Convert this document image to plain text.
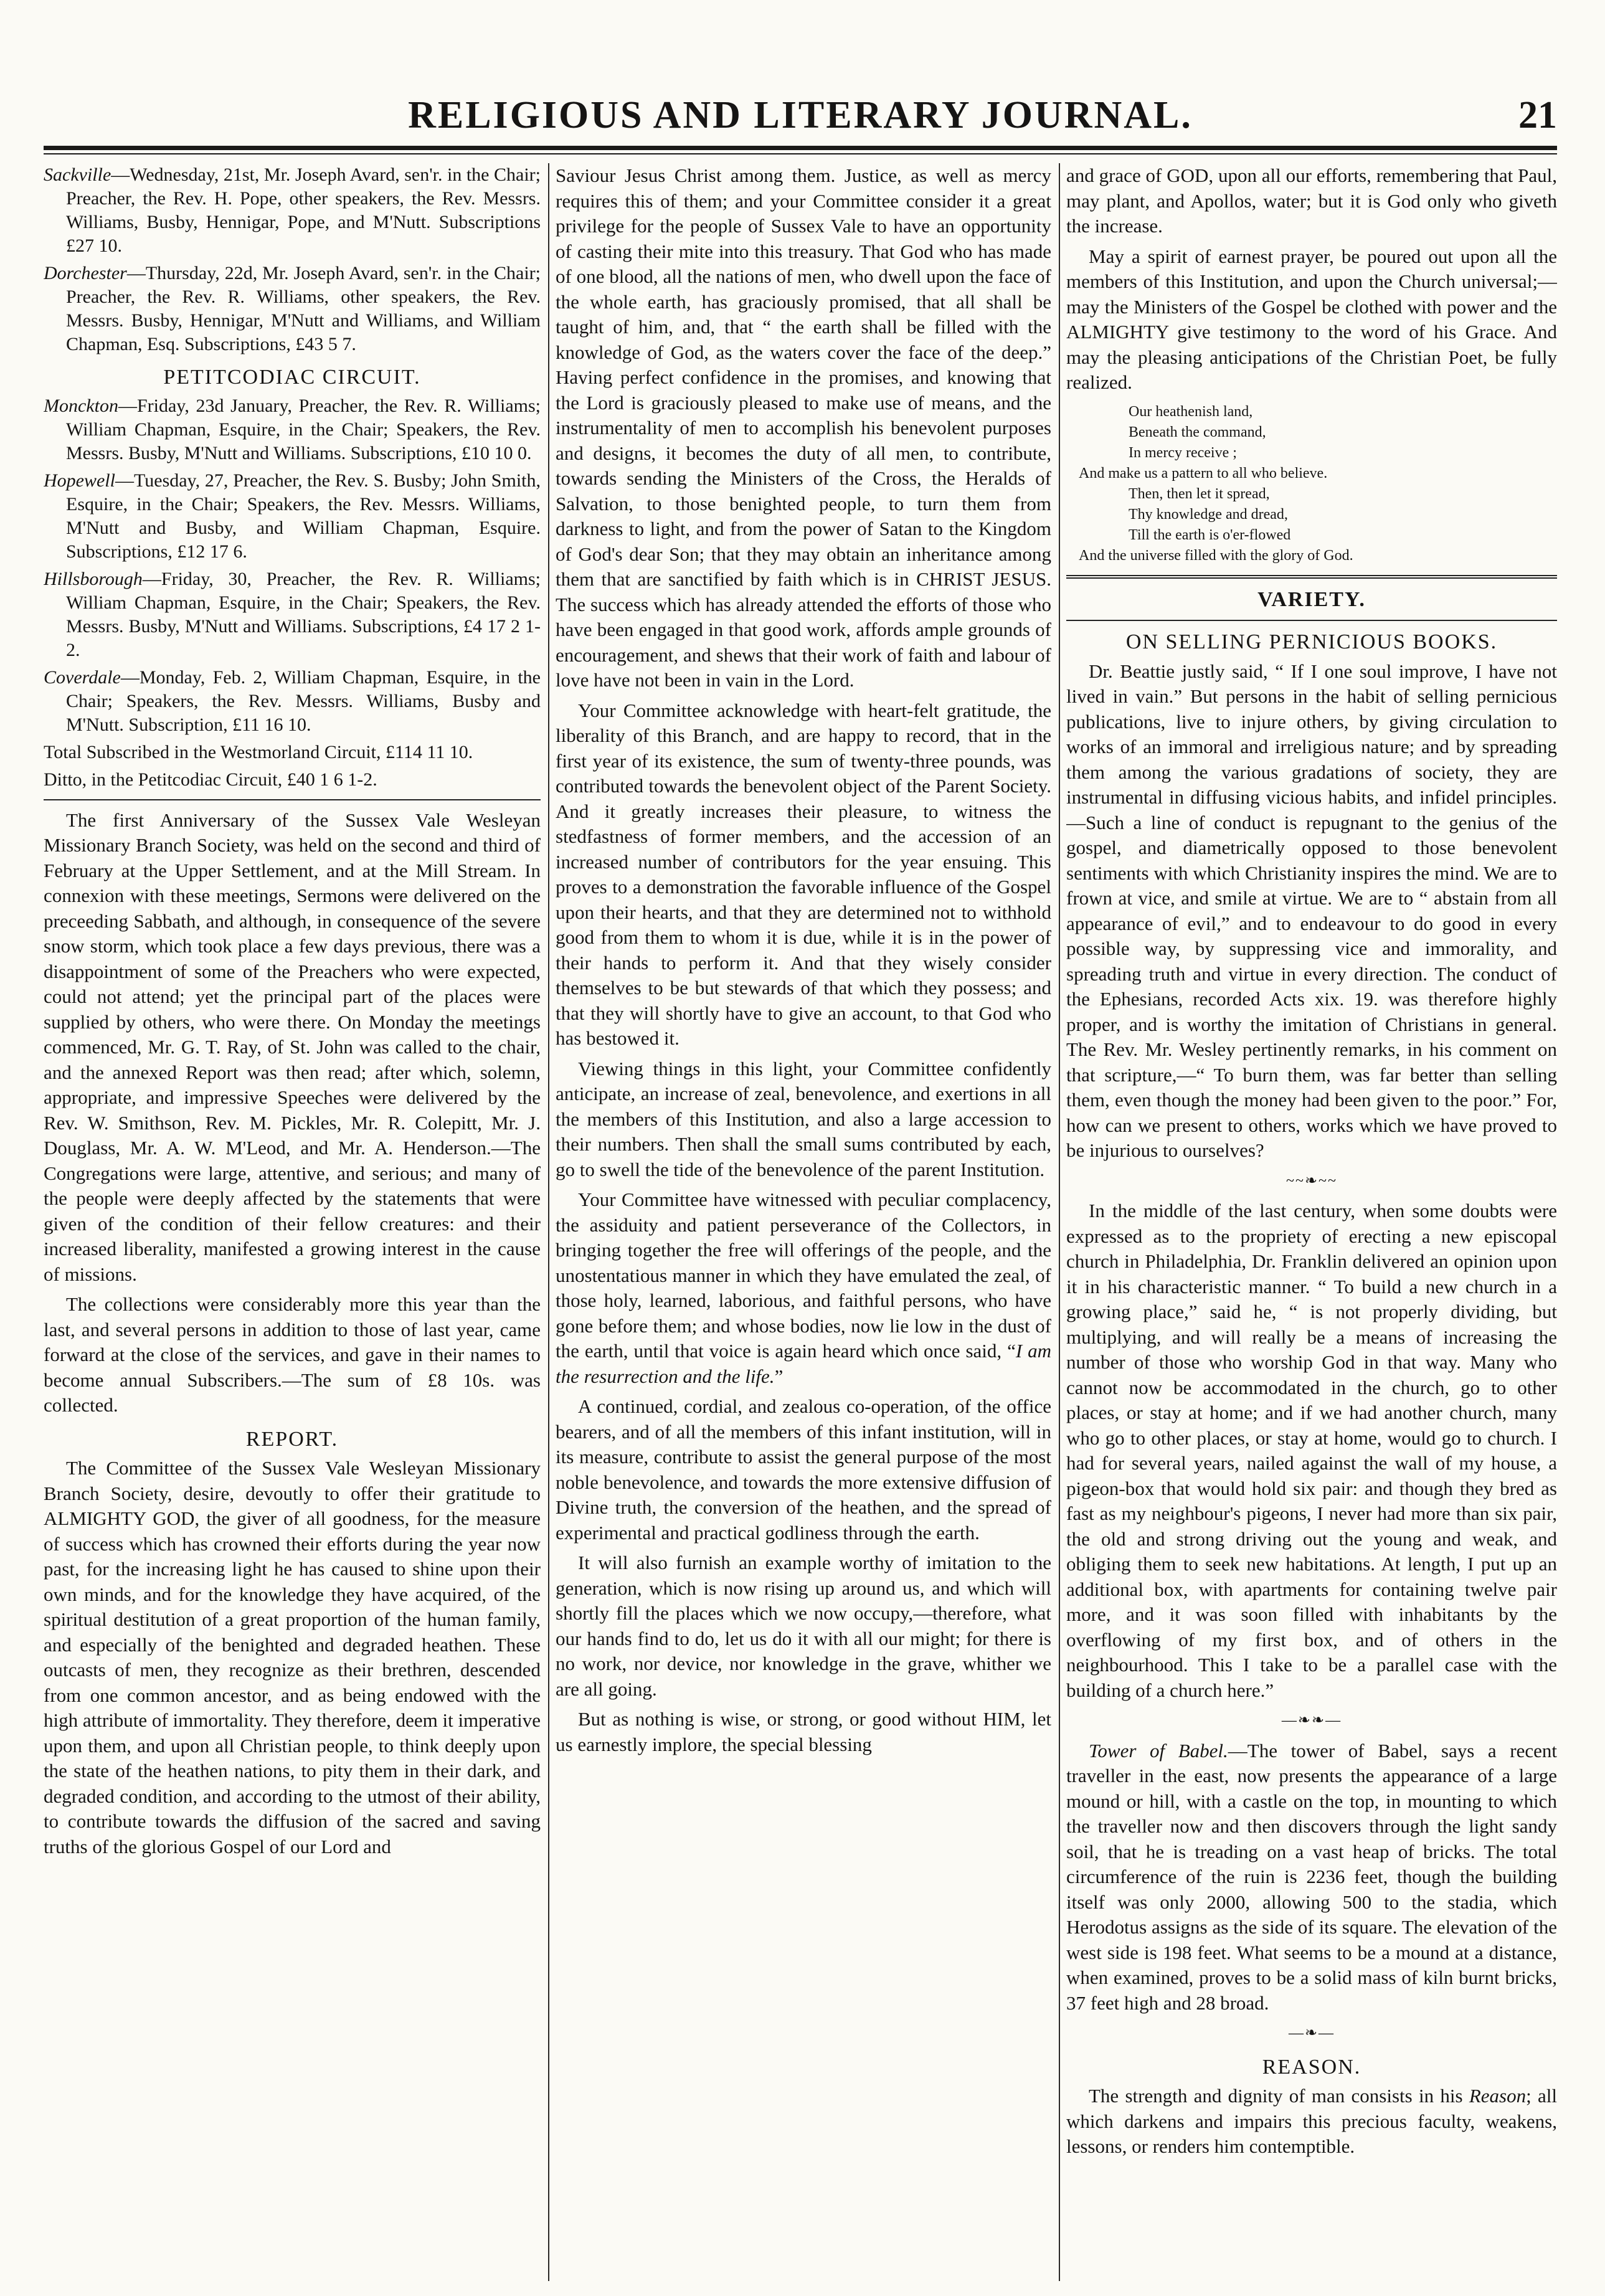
RELIGIOUS AND LITERARY JOURNAL.	21

Sackville—Wednesday, 21st, Mr. Joseph Avard, sen'r. in the Chair; Preacher, the Rev. H. Pope, other speakers, the Rev. Messrs. Williams, Busby, Hennigar, Pope, and M'Nutt. Subscriptions £27 10.

Dorchester—Thursday, 22d, Mr. Joseph Avard, sen'r. in the Chair; Preacher, the Rev. R. Williams, other speakers, the Rev. Messrs. Busby, Hennigar, M'Nutt and Williams, and William Chapman, Esq. Subscriptions, £43 5 7.

PETITCODIAC CIRCUIT.

Monckton—Friday, 23d January, Preacher, the Rev. R. Williams; William Chapman, Esquire, in the Chair; Speakers, the Rev. Messrs. Busby, M'Nutt and Williams. Subscriptions, £10 10 0.

Hopewell—Tuesday, 27, Preacher, the Rev. S. Busby; John Smith, Esquire, in the Chair; Speakers, the Rev. Messrs. Williams, M'Nutt and Busby, and William Chapman, Esquire. Subscriptions, £12 17 6.

Hillsborough—Friday, 30, Preacher, the Rev. R. Williams; William Chapman, Esquire, in the Chair; Speakers, the Rev. Messrs. Busby, M'Nutt and Williams. Subscriptions, £4 17 2 1-2.

Coverdale—Monday, Feb. 2, William Chapman, Esquire, in the Chair; Speakers, the Rev. Messrs. Williams, Busby and M'Nutt. Subscription, £11 16 10.

Total Subscribed in the Westmorland Circuit, £114 11 10.

Ditto, in the Petitcodiac Circuit, £40 1 6 1-2.

The first Anniversary of the Sussex Vale Wesleyan Missionary Branch Society, was held on the second and third of February at the Upper Settlement, and at the Mill Stream. In connexion with these meetings, Sermons were delivered on the preceeding Sabbath, and although, in consequence of the severe snow storm, which took place a few days previous, there was a disappointment of some of the Preachers who were expected, could not attend; yet the principal part of the places were supplied by others, who were there. On Monday the meetings commenced, Mr. G. T. Ray, of St. John was called to the chair, and the annexed Report was then read; after which, solemn, appropriate, and impressive Speeches were delivered by the Rev. W. Smithson, Rev. M. Pickles, Mr. R. Colepitt, Mr. J. Douglass, Mr. A. W. M'Leod, and Mr. A. Henderson.—The Congregations were large, attentive, and serious; and many of the people were deeply affected by the statements that were given of the condition of their fellow creatures: and their increased liberality, manifested a growing interest in the cause of missions.

The collections were considerably more this year than the last, and several persons in addition to those of last year, came forward at the close of the services, and gave in their names to become annual Subscribers.—The sum of £8 10s. was collected.

REPORT.

The Committee of the Sussex Vale Wesleyan Missionary Branch Society, desire, devoutly to offer their gratitude to ALMIGHTY GOD, the giver of all goodness, for the measure of success which has crowned their efforts during the year now past, for the increasing light he has caused to shine upon their own minds, and for the knowledge they have acquired, of the spiritual destitution of a great proportion of the human family, and especially of the benighted and degraded heathen. These outcasts of men, they recognize as their brethren, descended from one common ancestor, and as being endowed with the high attribute of immortality. They therefore, deem it imperative upon them, and upon all Christian people, to think deeply upon the state of the heathen nations, to pity them in their dark, and degraded condition, and according to the utmost of their ability, to contribute towards the diffusion of the sacred and saving truths of the glorious Gospel of our Lord and

Saviour Jesus Christ among them. Justice, as well as mercy requires this of them; and your Committee consider it a great privilege for the people of Sussex Vale to have an opportunity of casting their mite into this treasury. That God who has made of one blood, all the nations of men, who dwell upon the face of the whole earth, has graciously promised, that all shall be taught of him, and, that “ the earth shall be filled with the knowledge of God, as the waters cover the face of the deep.” Having perfect confidence in the promises, and knowing that the Lord is graciously pleased to make use of means, and the instrumentality of men to accomplish his benevolent purposes and designs, it becomes the duty of all men, to contribute, towards sending the Ministers of the Cross, the Heralds of Salvation, to those benighted people, to turn them from darkness to light, and from the power of Satan to the Kingdom of God's dear Son; that they may obtain an inheritance among them that are sanctified by faith which is in CHRIST JESUS. The success which has already attended the efforts of those who have been engaged in that good work, affords ample grounds of encouragement, and shews that their work of faith and labour of love have not been in vain in the Lord.

Your Committee acknowledge with heart-felt gratitude, the liberality of this Branch, and are happy to record, that in the first year of its existence, the sum of twenty-three pounds, was contributed towards the benevolent object of the Parent Society. And it greatly increases their pleasure, to witness the stedfastness of former members, and the accession of an increased number of contributors for the year ensuing. This proves to a demonstration the favorable influence of the Gospel upon their hearts, and that they are determined not to withhold good from them to whom it is due, while it is in the power of their hands to perform it. And that they wisely consider themselves to be but stewards of that which they possess; and that they will shortly have to give an account, to that God who has bestowed it.

Viewing things in this light, your Committee confidently anticipate, an increase of zeal, benevolence, and exertions in all the members of this Institution, and also a large accession to their numbers. Then shall the small sums contributed by each, go to swell the tide of the benevolence of the parent Institution.

Your Committee have witnessed with peculiar complacency, the assiduity and patient perseverance of the Collectors, in bringing together the free will offerings of the people, and the unostentatious manner in which they have emulated the zeal, of those holy, learned, laborious, and faithful persons, who have gone before them; and whose bodies, now lie low in the dust of the earth, until that voice is again heard which once said, “I am the resurrection and the life.”

A continued, cordial, and zealous co-operation, of the office bearers, and of all the members of this infant institution, will in its measure, contribute to assist the general purpose of the most noble benevolence, and towards the more extensive diffusion of Divine truth, the conversion of the heathen, and the spread of experimental and practical godliness through the earth.

It will also furnish an example worthy of imitation to the generation, which is now rising up around us, and which will shortly fill the places which we now occupy,—therefore, what our hands find to do, let us do it with all our might; for there is no work, nor device, nor knowledge in the grave, whither we are all going.

But as nothing is wise, or strong, or good without HIM, let us earnestly implore, the special blessing

and grace of GOD, upon all our efforts, remembering that Paul, may plant, and Apollos, water; but it is God only who giveth the increase.

May a spirit of earnest prayer, be poured out upon all the members of this Institution, and upon the Church universal;—may the Ministers of the Gospel be clothed with power and the ALMIGHTY give testimony to the word of his Grace. And may the pleasing anticipations of the Christian Poet, be fully realized.

Our heathenish land,
Beneath the command,
In mercy receive ;
And make us a pattern to all who believe.
Then, then let it spread,
Thy knowledge and dread,
Till the earth is o'er-flowed
And the universe filled with the glory of God.
VARIETY.
ON SELLING PERNICIOUS BOOKS.

Dr. Beattie justly said, “ If I one soul improve, I have not lived in vain.” But persons in the habit of selling pernicious publications, live to injure others, by giving circulation to works of an immoral and irreligious nature; and by spreading them among the various gradations of society, they are instrumental in diffusing vicious habits, and infidel principles.—Such a line of conduct is repugnant to the genius of the gospel, and diametrically opposed to those benevolent sentiments with which Christianity inspires the mind. We are to frown at vice, and smile at virtue. We are to “ abstain from all appearance of evil,” and to endeavour to do good in every possible way, by suppressing vice and immorality, and spreading truth and virtue in every direction. The conduct of the Ephesians, recorded Acts xix. 19. was therefore highly proper, and is worthy the imitation of Christians in general. The Rev. Mr. Wesley pertinently remarks, in his comment on that scripture,—“ To burn them, was far better than selling them, even though the money had been given to the poor.” For, how can we present to others, works which we have proved to be injurious to ourselves?

~~❧~~

In the middle of the last century, when some doubts were expressed as to the propriety of erecting a new episcopal church in Philadelphia, Dr. Franklin delivered an opinion upon it in his characteristic manner. “ To build a new church in a growing place,” said he, “ is not properly dividing, but multiplying, and will really be a means of increasing the number of those who worship God in that way. Many who cannot now be accommodated in the church, go to other places, or stay at home; and if we had another church, many who go to other places, or stay at home, would go to church. I had for several years, nailed against the wall of my house, a pigeon-box that would hold six pair: and though they bred as fast as my neighbour's pigeons, I never had more than six pair, the old and strong driving out the young and weak, and obliging them to seek new habitations. At length, I put up an additional box, with apartments for containing twelve pair more, and it was soon filled with inhabitants by the overflowing of my first box, and of others in the neighbourhood. This I take to be a parallel case with the building of a church here.”

—❧❧—

Tower of Babel.—The tower of Babel, says a recent traveller in the east, now presents the appearance of a large mound or hill, with a castle on the top, in mounting to which the traveller now and then discovers through the light sandy soil, that he is treading on a vast heap of bricks. The total circumference of the ruin is 2236 feet, though the building itself was only 2000, allowing 500 to the stadia, which Herodotus assigns as the side of its square. The elevation of the west side is 198 feet. What seems to be a mound at a distance, when examined, proves to be a solid mass of kiln burnt bricks, 37 feet high and 28 broad.

—❧—
REASON.

The strength and dignity of man consists in his Reason; all which darkens and impairs this precious faculty, weakens, lessons, or renders him contemptible.
